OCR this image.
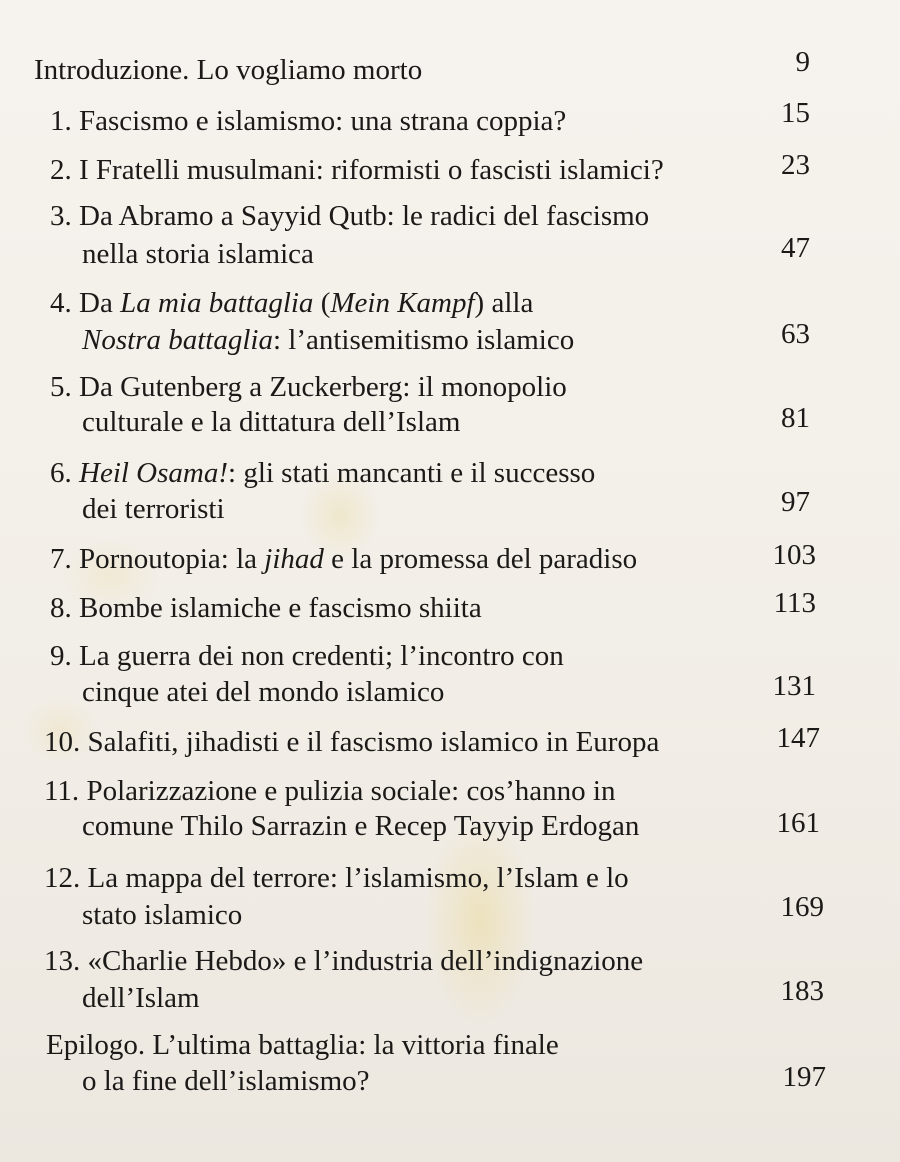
Introduzione. Lo vogliamo morto	9
1. Fascismo e islamismo: una strana coppia?	15
2. I Fratelli musulmani: riformisti o fascisti islamici?	23
3. Da Abramo a Sayyid Qutb: le radici del fascismo
nella storia islamica	47
4. Da La mia battaglia (Mein Kampf) alla
Nostra battaglia: l’antisemitismo islamico	63
5. Da Gutenberg a Zuckerberg: il monopolio
culturale e la dittatura dell’Islam	81
6. Heil Osama!: gli stati mancanti e il successo
dei terroristi	97
7. Pornoutopia: la jihad e la promessa del paradiso	103
8. Bombe islamiche e fascismo shiita	113
9. La guerra dei non credenti; l’incontro con
cinque atei del mondo islamico	131
10. Salafiti, jihadisti e il fascismo islamico in Europa	147
11. Polarizzazione e pulizia sociale: cos’hanno in
comune Thilo Sarrazin e Recep Tayyip Erdogan	161
12. La mappa del terrore: l’islamismo, l’Islam e lo
stato islamico	169
13. «Charlie Hebdo» e l’industria dell’indignazione
dell’Islam	183
Epilogo. L’ultima battaglia: la vittoria finale
o la fine dell’islamismo?	197
